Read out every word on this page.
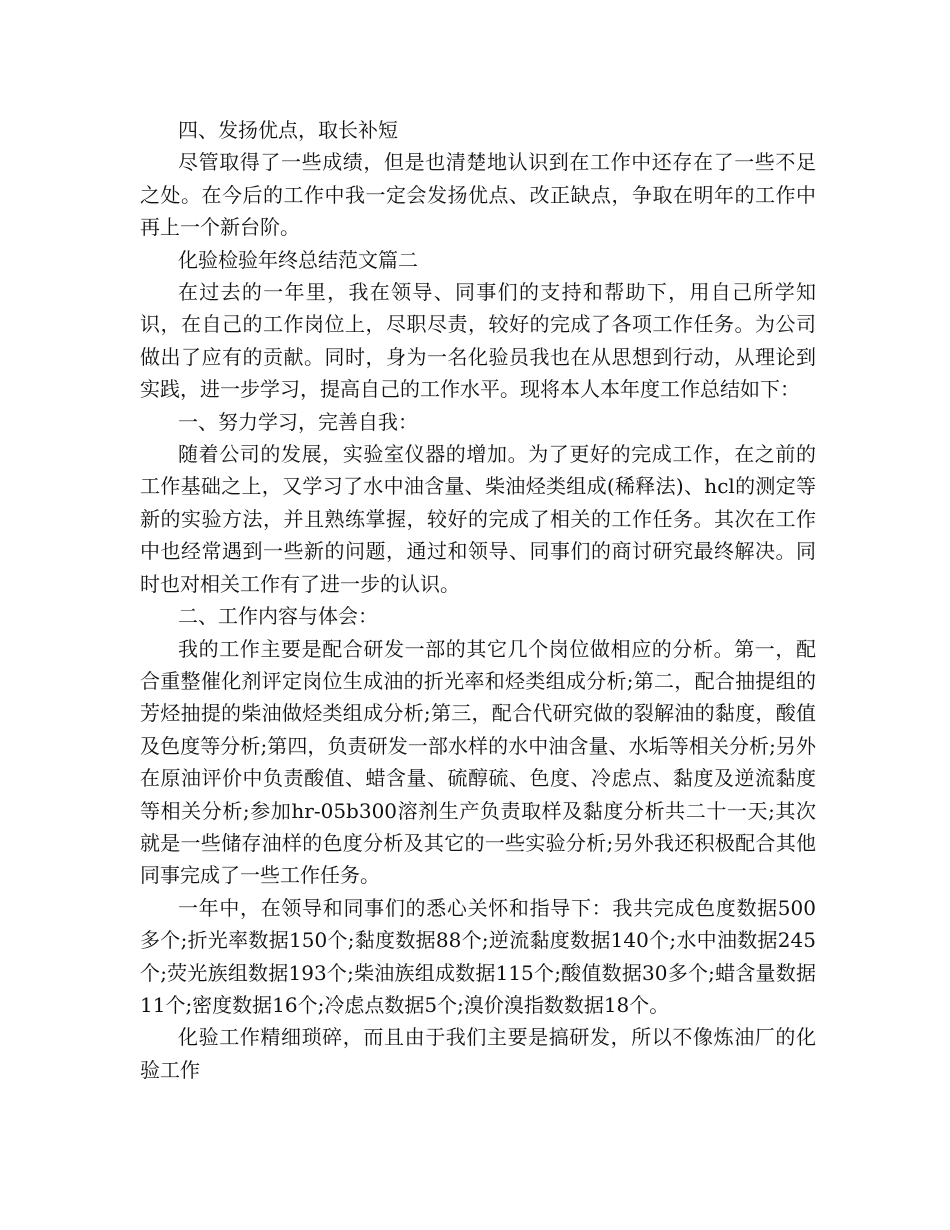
四、发扬优点，取长补短

尽管取得了一些成绩，但是也清楚地认识到在工作中还存在了一些不足之处。在今后的工作中我一定会发扬优点、改正缺点，争取在明年的工作中再上一个新台阶。

化验检验年终总结范文篇二

在过去的一年里，我在领导、同事们的支持和帮助下，用自己所学知识，在自己的工作岗位上，尽职尽责，较好的完成了各项工作任务。为公司做出了应有的贡献。同时，身为一名化验员我也在从思想到行动，从理论到实践，进一步学习，提高自己的工作水平。现将本人本年度工作总结如下：

一、努力学习，完善自我：

随着公司的发展，实验室仪器的增加。为了更好的完成工作，在之前的工作基础之上，又学习了水中油含量、柴油烃类组成(稀释法)、hcl的测定等新的实验方法，并且熟练掌握，较好的完成了相关的工作任务。其次在工作中也经常遇到一些新的问题，通过和领导、同事们的商讨研究最终解决。同时也对相关工作有了进一步的认识。

二、工作内容与体会：

我的工作主要是配合研发一部的其它几个岗位做相应的分析。第一，配合重整催化剂评定岗位生成油的折光率和烃类组成分析;第二，配合抽提组的芳烃抽提的柴油做烃类组成分析;第三，配合代研究做的裂解油的黏度，酸值及色度等分析;第四，负责研发一部水样的水中油含量、水垢等相关分析;另外在原油评价中负责酸值、蜡含量、硫醇硫、色度、冷虑点、黏度及逆流黏度等相关分析;参加hr-05b300溶剂生产负责取样及黏度分析共二十一天;其次就是一些储存油样的色度分析及其它的一些实验分析;另外我还积极配合其他同事完成了一些工作任务。

一年中，在领导和同事们的悉心关怀和指导下：我共完成色度数据500多个;折光率数据150个;黏度数据88个;逆流黏度数据140个;水中油数据245个;荧光族组数据193个;柴油族组成数据115个;酸值数据30多个;蜡含量数据11个;密度数据16个;冷虑点数据5个;溴价溴指数数据18个。

化验工作精细琐碎，而且由于我们主要是搞研发，所以不像炼油厂的化验工作
